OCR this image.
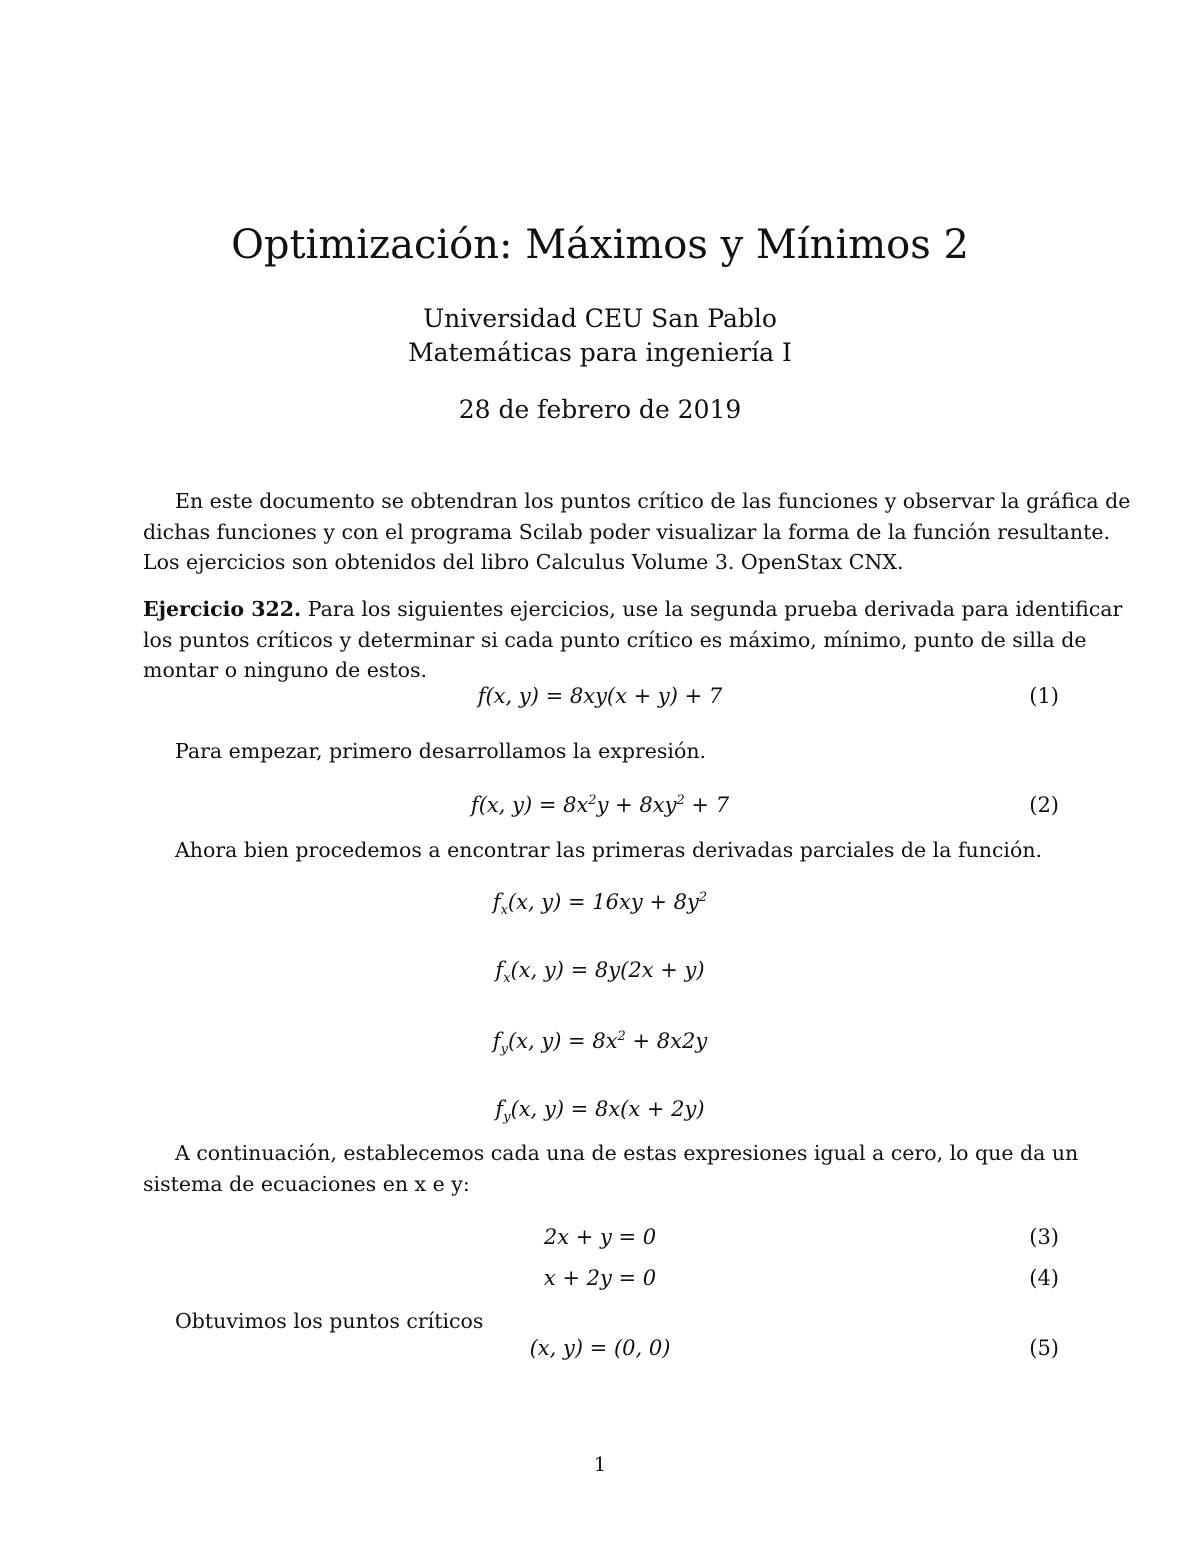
Optimización: Máximos y Mínimos 2
Universidad CEU San Pablo
Matemáticas para ingeniería I
28 de febrero de 2019
En este documento se obtendran los puntos crítico de las funciones y observar la gráfica de
dichas funciones y con el programa Scilab poder visualizar la forma de la función resultante.
Los ejercicios son obtenidos del libro Calculus Volume 3. OpenStax CNX.
Ejercicio 322. Para los siguientes ejercicios, use la segunda prueba derivada para identificar
los puntos críticos y determinar si cada punto crítico es máximo, mínimo, punto de silla de
montar o ninguno de estos.
f(x, y) = 8xy(x + y) + 7	(1)
Para empezar, primero desarrollamos la expresión.
f(x, $y) = 8x^2y + 8xy^2 + 7$	(2)
Ahora bien procedemos a encontrar las primeras derivadas parciales de la función.
$f_x(x$, $y) = 16xy + 8y^2$
$f_x(x$, y) = 8y(2x + y)
$f_y(x$, $y) = 8x^2 + 8x2y$
$f_y(x$, y) = 8x(x + 2y)
A continuación, establecemos cada una de estas expresiones igual a cero, lo que da un
sistema de ecuaciones en x e y:
2x + y = 0	(3)
x + 2y = 0	(4)
Obtuvimos los puntos críticos
(x, y) = (0, 0)	(5)
1
